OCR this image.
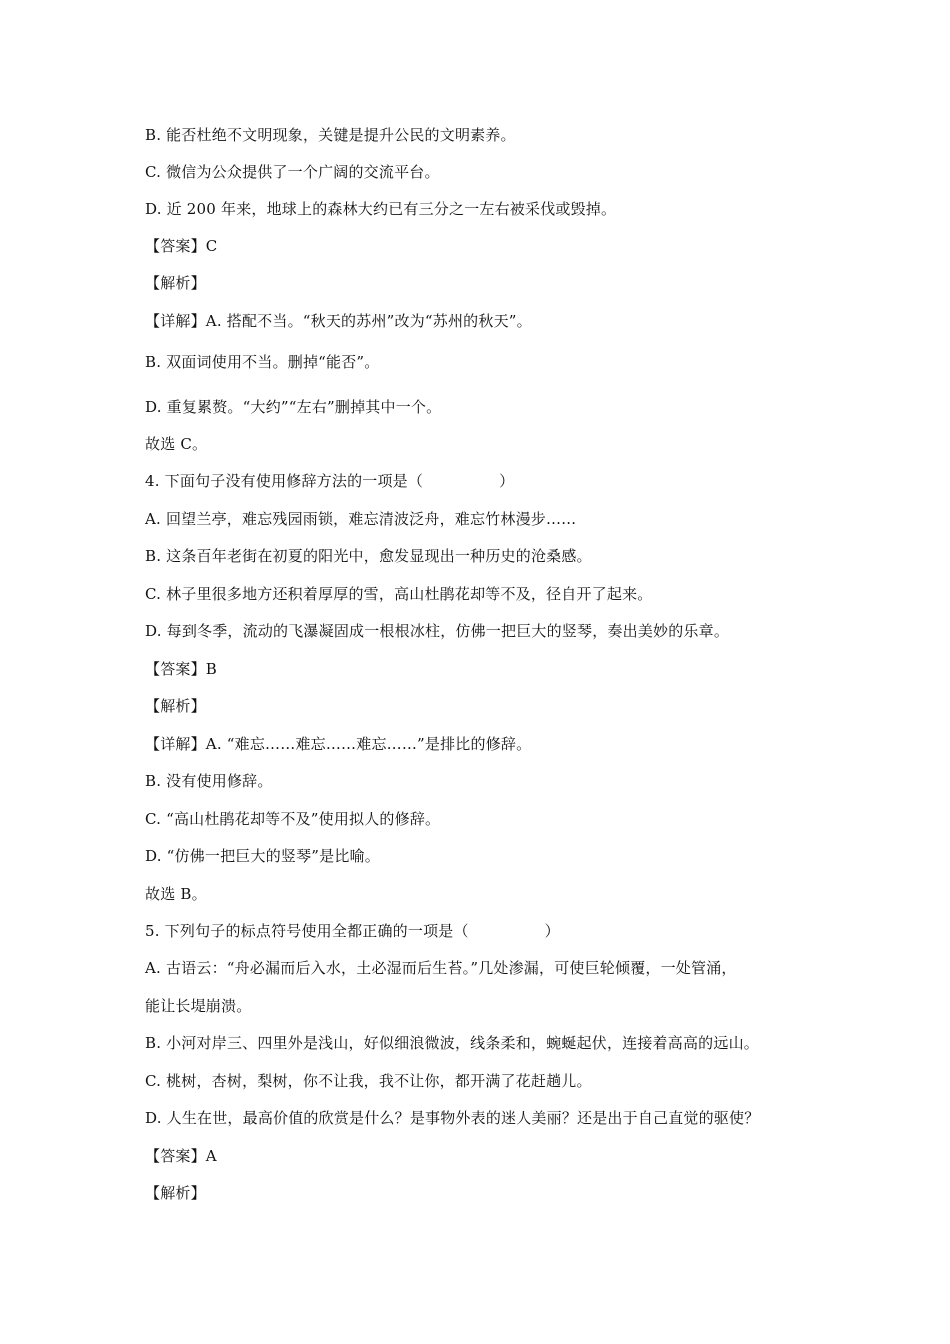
B. 能否杜绝不文明现象，关键是提升公民的文明素养。
C. 微信为公众提供了一个广阔的交流平台。
D. 近 200 年来，地球上的森林大约已有三分之一左右被采伐或毁掉。
【答案】C
【解析】
【详解】A. 搭配不当。“秋天的苏州”改为“苏州的秋天”。
B. 双面词使用不当。删掉“能否”。
D. 重复累赘。“大约”“左右”删掉其中一个。
故选 C。
4. 下面句子没有使用修辞方法的一项是（　　　　　）
A. 回望兰亭，难忘残园雨锁，难忘清波泛舟，难忘竹林漫步……
B. 这条百年老街在初夏的阳光中，愈发显现出一种历史的沧桑感。
C. 林子里很多地方还积着厚厚的雪，高山杜鹃花却等不及，径自开了起来。
D. 每到冬季，流动的飞瀑凝固成一根根冰柱，仿佛一把巨大的竖琴，奏出美妙的乐章。
【答案】B
【解析】
【详解】A. “难忘……难忘……难忘……”是排比的修辞。
B. 没有使用修辞。
C. “高山杜鹃花却等不及”使用拟人的修辞。
D. “仿佛一把巨大的竖琴”是比喻。
故选 B。
5. 下列句子的标点符号使用全都正确的一项是（　　　　　）
A. 古语云：“舟必漏而后入水，土必湿而后生苔。”几处渗漏，可使巨轮倾覆，一处管涌，
能让长堤崩溃。
B. 小河对岸三、四里外是浅山，好似细浪微波，线条柔和，蜿蜒起伏，连接着高高的远山。
C. 桃树，杏树，梨树，你不让我，我不让你，都开满了花赶趟儿。
D. 人生在世，最高价值的欣赏是什么？是事物外表的迷人美丽？还是出于自己直觉的驱使？
【答案】A
【解析】
